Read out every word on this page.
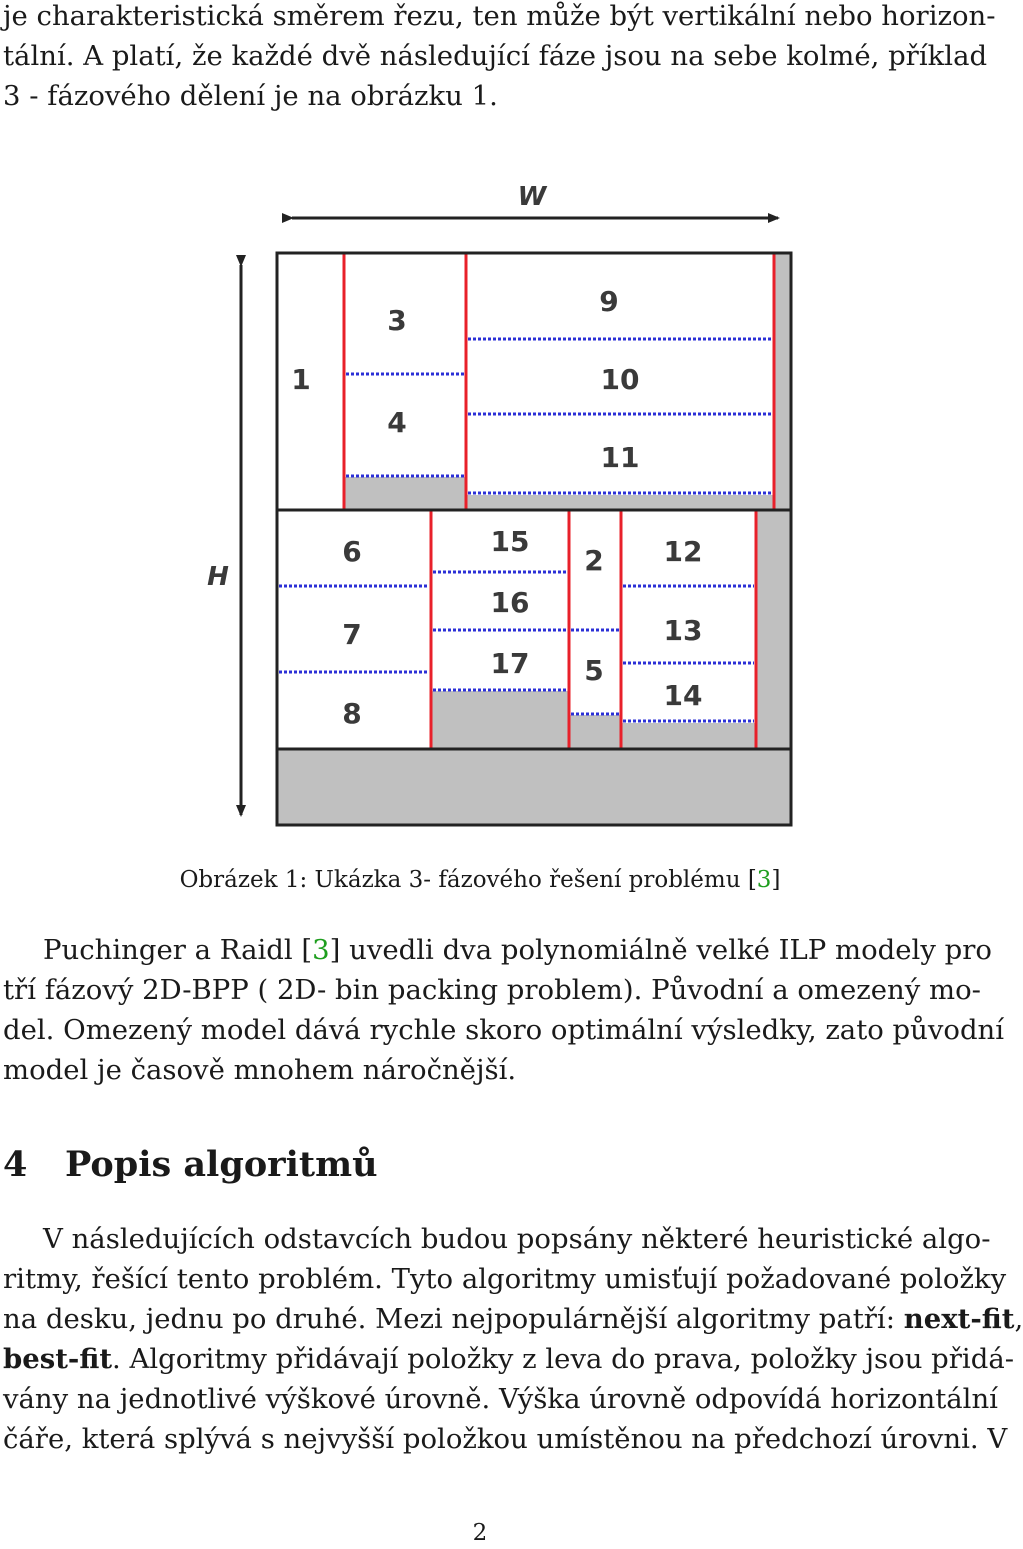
je charakteristická směrem řezu, ten může být vertikální nebo horizon-
tální. A platí, že každé dvě následující fáze jsou na sebe kolmé, příklad
3 - fázového dělení je na obrázku 1.
W
H
1
2
3
4
5
6
7
8
9
10
11
12
13
14
15
16
17
Obrázek 1: Ukázka 3- fázového řešení problému [3]
Puchinger a Raidl [3] uvedli dva polynomiálně velké ILP modely pro
tří fázový 2D-BPP ( 2D- bin packing problem). Původní a omezený mo-
del. Omezený model dává rychle skoro optimální výsledky, zato původní
model je časově mnohem náročnější.
4 Popis algoritmů
V následujících odstavcích budou popsány některé heuristické algo-
ritmy, řešící tento problém. Tyto algoritmy umisťují požadované položky
na desku, jednu po druhé. Mezi nejpopulárnější algoritmy patří: next-fit,
best-fit. Algoritmy přidávají položky z leva do prava, položky jsou přidá-
vány na jednotlivé výškové úrovně. Výška úrovně odpovídá horizontální
čáře, která splývá s nejvyšší položkou umístěnou na předchozí úrovni. V
2
